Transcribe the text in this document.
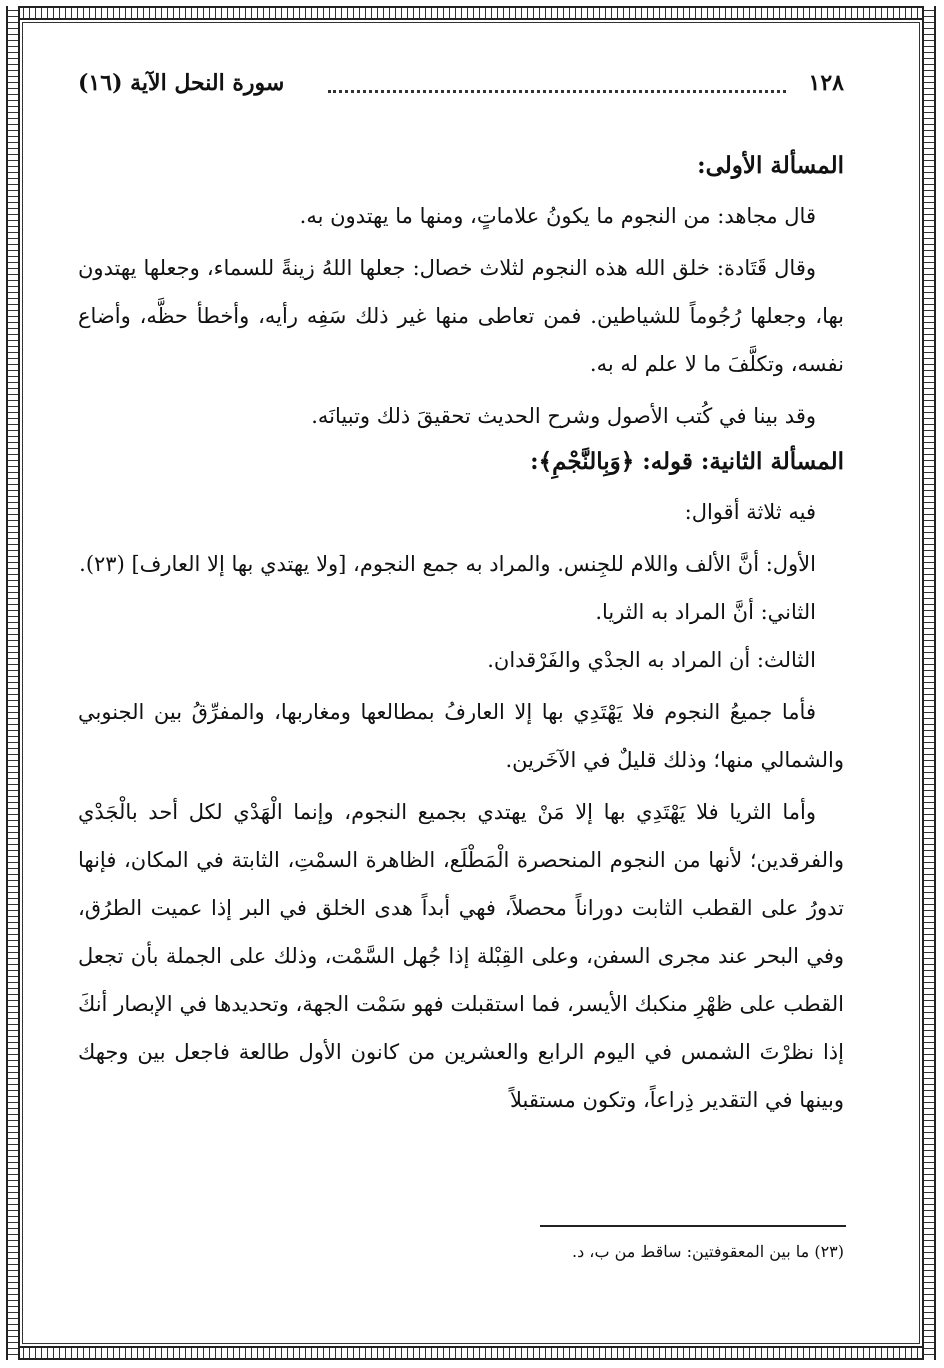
١٢٨
سورة النحل الآية (١٦)
المسألة الأولى:

قال مجاهد: من النجوم ما يكونُ علاماتٍ، ومنها ما يهتدون به.

وقال قَتَادة: خلق الله هذه النجوم لثلاث خصال: جعلها اللهُ زينةً للسماء، وجعلها يهتدون بها، وجعلها رُجُوماً للشياطين. فمن تعاطى منها غير ذلك سَفِه رأيه، وأخطأ حظَّه، وأضاع نفسه، وتكلَّفَ ما لا علم له به.

وقد بينا في كُتب الأصول وشرح الحديث تحقيقَ ذلك وتبيانَه.

المسألة الثانية: قوله: ﴿وَبِالنَّجْمِ﴾:

فيه ثلاثة أقوال:

الأول: أنَّ الألف واللام للجِنس. والمراد به جمع النجوم، [ولا يهتدي بها إلا العارف] (٢٣).

الثاني: أنَّ المراد به الثريا.

الثالث: أن المراد به الجدْي والفَرْقدان.

فأما جميعُ النجوم فلا يَهْتَدِي بها إلا العارفُ بمطالعها ومغاربها، والمفرِّقُ بين الجنوبي والشمالي منها؛ وذلك قليلٌ في الآخَرين.

وأما الثريا فلا يَهْتَدِي بها إلا مَنْ يهتدي بجميع النجوم، وإنما الْهَدْي لكل أحد بالْجَدْي والفرقدين؛ لأنها من النجوم المنحصرة الْمَطْلَع، الظاهرة السمْتِ، الثابتة في المكان، فإنها تدورُ على القطب الثابت دوراناً محصلاً، فهي أبداً هدى الخلق في البر إذا عميت الطرُق، وفي البحر عند مجرى السفن، وعلى القِبْلة إذا جُهل السَّمْت، وذلك على الجملة بأن تجعل القطب على ظهْرِ منكبك الأيسر، فما استقبلت فهو سَمْت الجهة، وتحديدها في الإبصار أنكَ إذا نظرْتَ الشمس في اليوم الرابع والعشرين من كانون الأول طالعة فاجعل بين وجهك وبينها في التقدير ذِراعاً، وتكون مستقبلاً

(٢٣) ما بين المعقوفتين: ساقط من ب، د.
